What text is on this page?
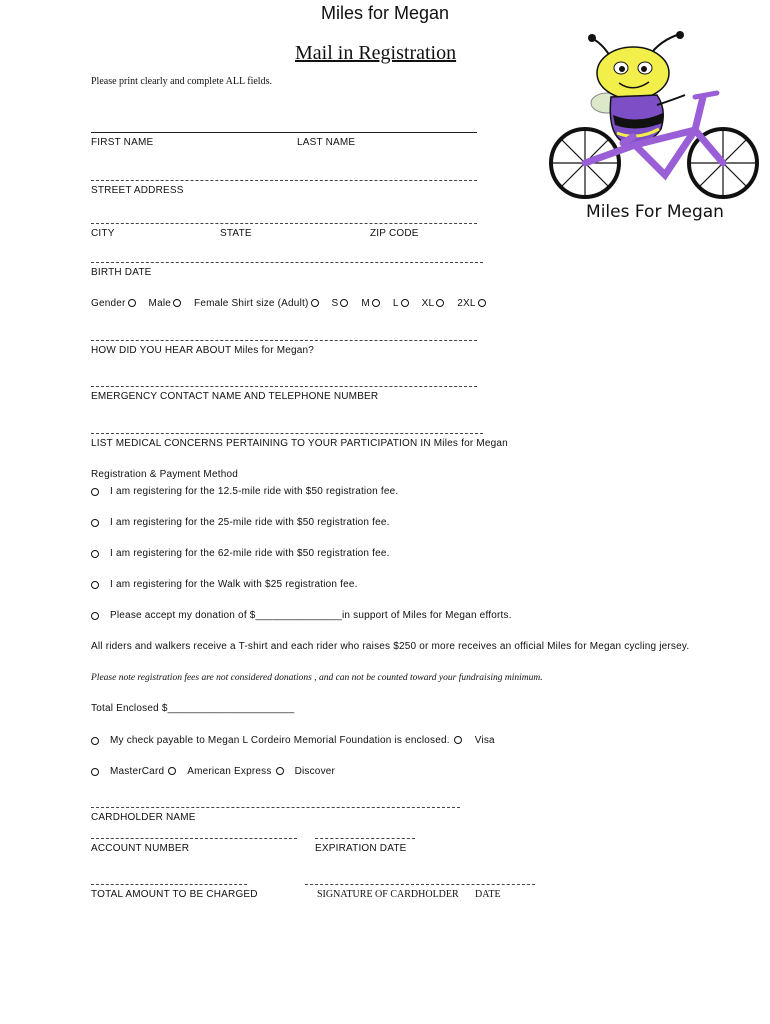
Miles for Megan
Mail in Registration
Please print clearly and complete ALL fields.
Miles For Megan
FIRST NAME	LAST NAME
STREET ADDRESS
CITY	STATE	ZIP CODE
BIRTH DATE
Gender Male Female Shirt size (Adult) S M L XL 2XL
HOW DID YOU HEAR ABOUT Miles for Megan?
EMERGENCY CONTACT NAME AND TELEPHONE NUMBER
LIST MEDICAL CONCERNS PERTAINING TO YOUR PARTICIPATION IN Miles for Megan
Registration & Payment Method
I am registering for the 12.5-mile ride with $50 registration fee.
I am registering for the 25-mile ride with $50 registration fee.
I am registering for the 62-mile ride with $50 registration fee.
I am registering for the Walk with $25 registration fee.
Please accept my donation of $_______________in support of Miles for Megan efforts.
All riders and walkers receive a T-shirt and each rider who raises $250 or more receives an official Miles for Megan cycling jersey.
Please note registration fees are not considered donations , and can not be counted toward your fundraising minimum.
Total Enclosed $______________________
My check payable to Megan L Cordeiro Memorial Foundation is enclosed. Visa
MasterCard American Express Discover
CARDHOLDER NAME
ACCOUNT NUMBER	EXPIRATION DATE
TOTAL AMOUNT TO BE CHARGED	SIGNATURE OF CARDHOLDER DATE
